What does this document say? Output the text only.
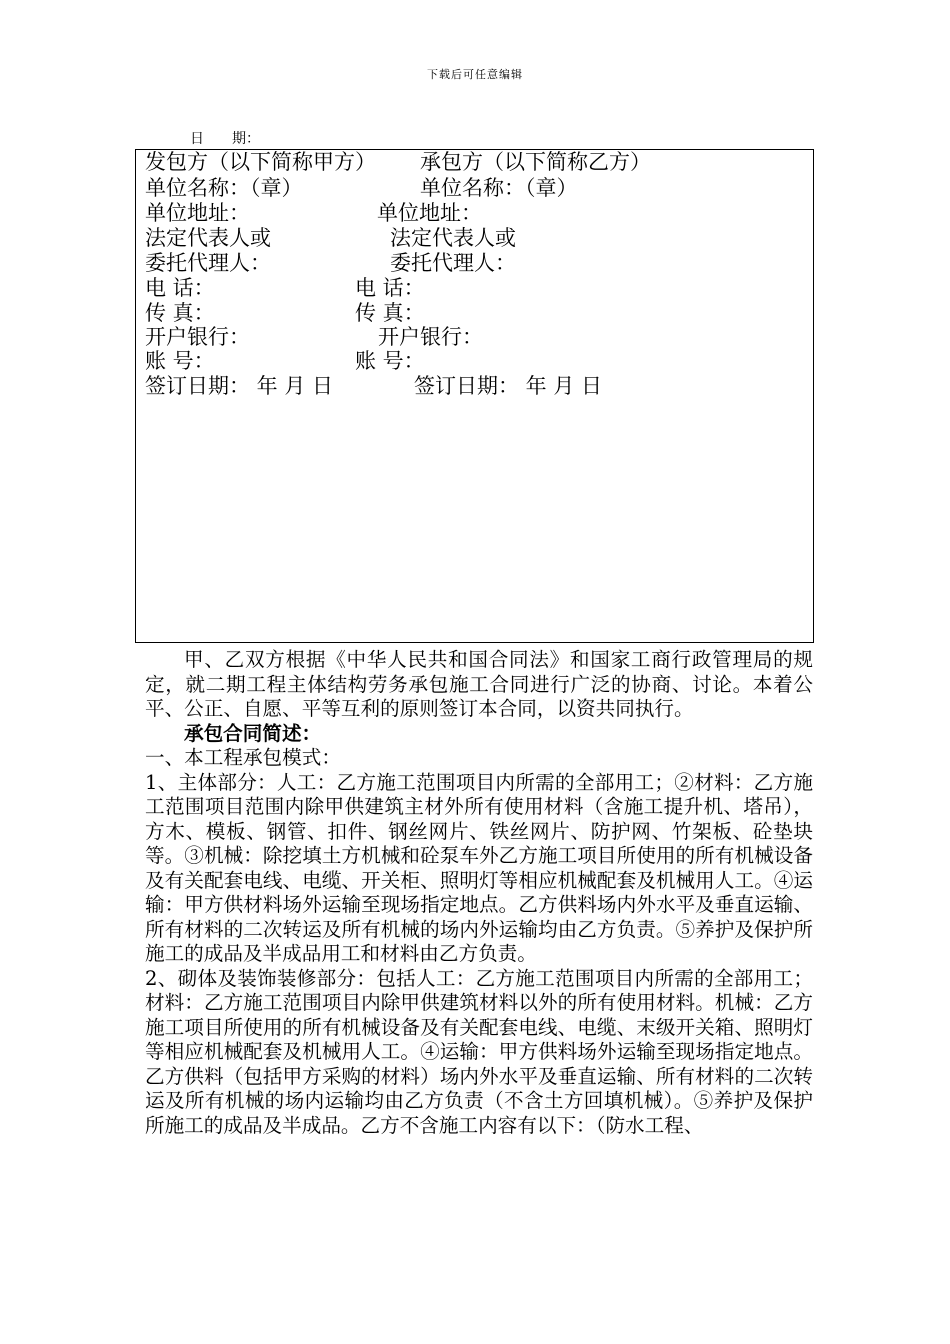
下载后可任意编辑
日 期：
发包方（以下简称甲方） 承包方（以下简称乙方）
单位名称：（章）	单位名称：（章）
单位地址：	单位地址：
法定代表人或	法定代表人或
委托代理人：	委托代理人：
电 话：	电 话：
传 真：	传 真：
开户银行：	开户银行：
账 号：	账 号：
签订日期： 年 月 日	签订日期： 年 月 日

甲、乙双方根据《中华人民共和国合同法》和国家工商行政管理局的规定，就二期工程主体结构劳务承包施工合同进行广泛的协商、讨论。本着公平、公正、自愿、平等互利的原则签订本合同，以资共同执行。

承包合同简述：

一、本工程承包模式：

1、主体部分：人工：乙方施工范围项目内所需的全部用工；②材料：乙方施工范围项目范围内除甲供建筑主材外所有使用材料（含施工提升机、塔吊），方木、模板、钢管、扣件、钢丝网片、铁丝网片、防护网、竹架板、砼垫块等。③机械：除挖填土方机械和砼泵车外乙方施工项目所使用的所有机械设备及有关配套电线、电缆、开关柜、照明灯等相应机械配套及机械用人工。④运输：甲方供材料场外运输至现场指定地点。乙方供料场内外水平及垂直运输、所有材料的二次转运及所有机械的场内外运输均由乙方负责。⑤养护及保护所施工的成品及半成品用工和材料由乙方负责。

2、砌体及装饰装修部分：包括人工：乙方施工范围项目内所需的全部用工；材料：乙方施工范围项目内除甲供建筑材料以外的所有使用材料。机械：乙方施工项目所使用的所有机械设备及有关配套电线、电缆、末级开关箱、照明灯等相应机械配套及机械用人工。④运输：甲方供料场外运输至现场指定地点。乙方供料（包括甲方采购的材料）场内外水平及垂直运输、所有材料的二次转运及所有机械的场内运输均由乙方负责（不含土方回填机械）。⑤养护及保护所施工的成品及半成品。乙方不含施工内容有以下：（防水工程、
